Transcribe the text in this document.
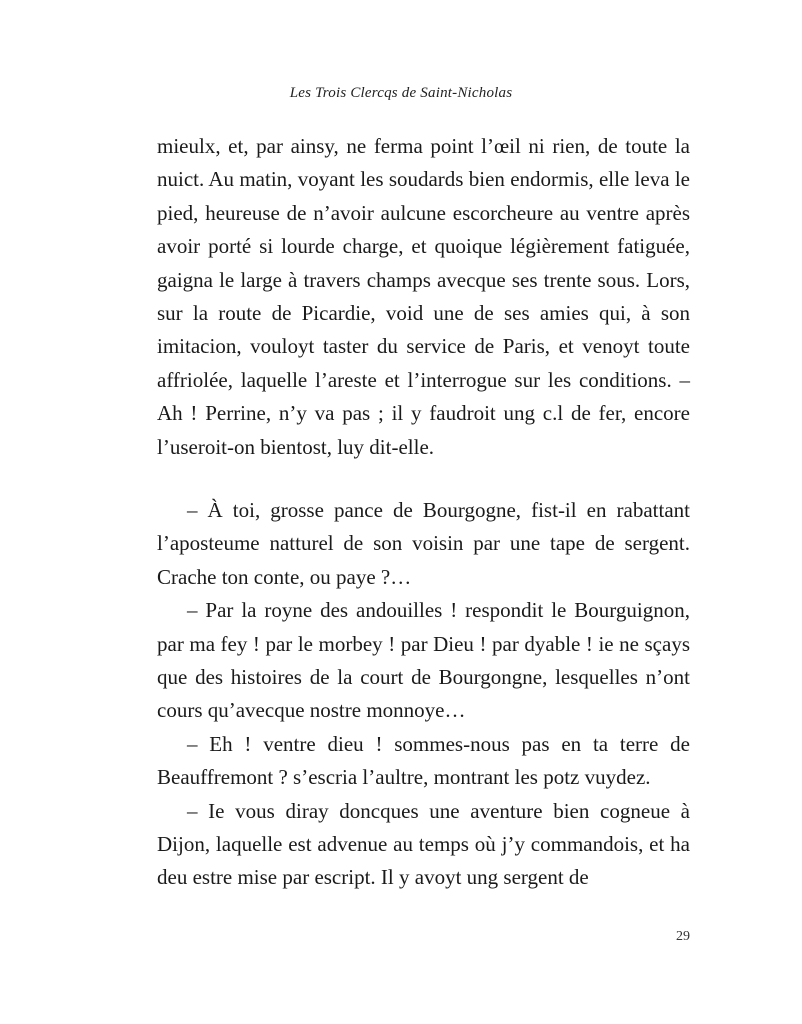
Les Trois Clercqs de Saint-Nicholas

mieulx, et, par ainsy, ne ferma point l’œil ni rien, de toute la nuict. Au matin, voyant les soudards bien endormis, elle leva le pied, heureuse de n’avoir aulcune escorcheure au ventre après avoir porté si lourde charge, et quoique légièrement fatiguée, gaigna le large à travers champs avecque ses trente sous. Lors, sur la route de Picardie, void une de ses amies qui, à son imitacion, vouloyt taster du service de Paris, et venoyt toute affriolée, laquelle l’areste et l’interrogue sur les conditions. – Ah ! Perrine, n’y va pas ; il y faudroit ung c.l de fer, encore l’useroit-on bientost, luy dit-elle.

– À toi, grosse pance de Bourgogne, fist-il en rabattant l’aposteume natturel de son voisin par une tape de sergent. Crache ton conte, ou paye ?…

– Par la royne des andouilles ! respondit le Bourguignon, par ma fey ! par le morbey ! par Dieu ! par dyable ! ie ne sçays que des histoires de la court de Bourgongne, lesquelles n’ont cours qu’avecque nostre monnoye…

– Eh ! ventre dieu ! sommes-nous pas en ta terre de Beauffremont ? s’escria l’aultre, montrant les potz vuydez.

– Ie vous diray doncques une aventure bien cogneue à Dijon, laquelle est advenue au temps où j’y commandois, et ha deu estre mise par escript. Il y avoyt ung sergent de

29
